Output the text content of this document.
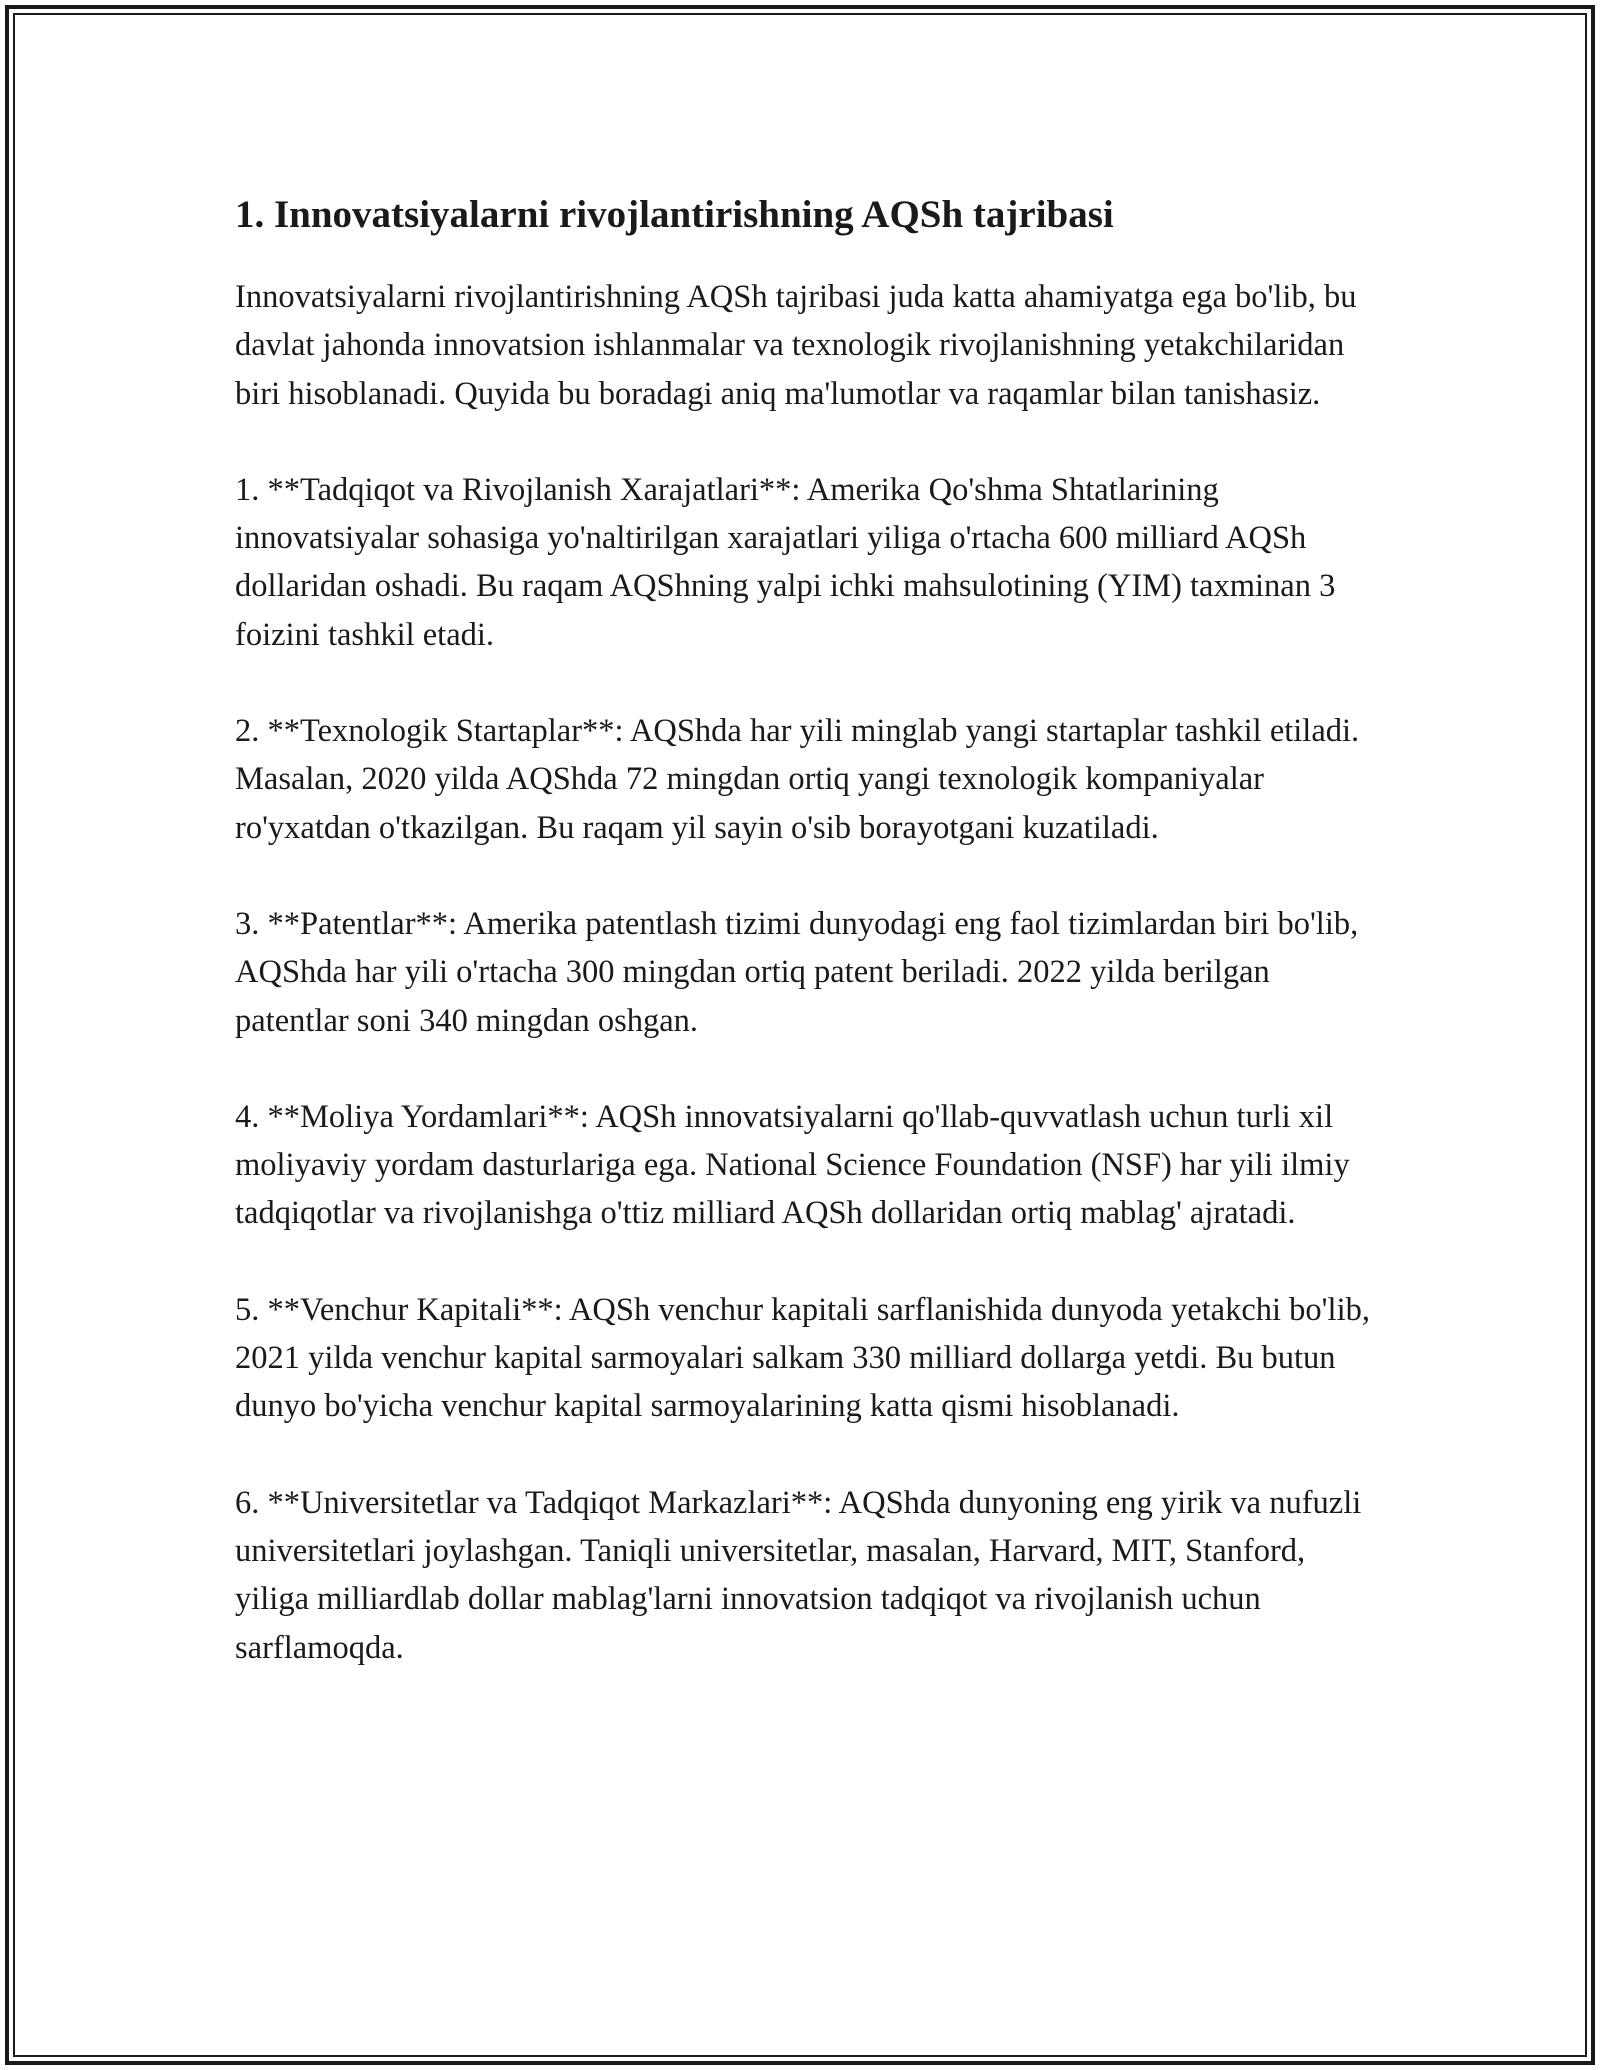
1. Innovatsiyalarni rivojlantirishning AQSh tajribasi

Innovatsiyalarni rivojlantirishning AQSh tajribasi juda katta ahamiyatga ega bo'lib, bu davlat jahonda innovatsion ishlanmalar va texnologik rivojlanishning yetakchilaridan biri hisoblanadi. Quyida bu boradagi aniq ma'lumotlar va raqamlar bilan tanishasiz.

1. **Tadqiqot va Rivojlanish Xarajatlari**: Amerika Qo'shma Shtatlarining innovatsiyalar sohasiga yo'naltirilgan xarajatlari yiliga o'rtacha 600 milliard AQSh dollaridan oshadi. Bu raqam AQShning yalpi ichki mahsulotining (YIM) taxminan 3 foizini tashkil etadi.

2. **Texnologik Startaplar**: AQShda har yili minglab yangi startaplar tashkil etiladi. Masalan, 2020 yilda AQShda 72 mingdan ortiq yangi texnologik kompaniyalar ro'yxatdan o'tkazilgan. Bu raqam yil sayin o'sib borayotgani kuzatiladi.

3. **Patentlar**: Amerika patentlash tizimi dunyodagi eng faol tizimlardan biri bo'lib, AQShda har yili o'rtacha 300 mingdan ortiq patent beriladi. 2022 yilda berilgan patentlar soni 340 mingdan oshgan.

4. **Moliya Yordamlari**: AQSh innovatsiyalarni qo'llab-quvvatlash uchun turli xil moliyaviy yordam dasturlariga ega. National Science Foundation (NSF) har yili ilmiy tadqiqotlar va rivojlanishga o'ttiz milliard AQSh dollaridan ortiq mablag' ajratadi.

5. **Venchur Kapitali**: AQSh venchur kapitali sarflanishida dunyoda yetakchi bo'lib, 2021 yilda venchur kapital sarmoyalari salkam 330 milliard dollarga yetdi. Bu butun dunyo bo'yicha venchur kapital sarmoyalarining katta qismi hisoblanadi.

6. **Universitetlar va Tadqiqot Markazlari**: AQShda dunyoning eng yirik va nufuzli universitetlari joylashgan. Taniqli universitetlar, masalan, Harvard, MIT, Stanford, yiliga milliardlab dollar mablag'larni innovatsion tadqiqot va rivojlanish uchun sarflamoqda.
